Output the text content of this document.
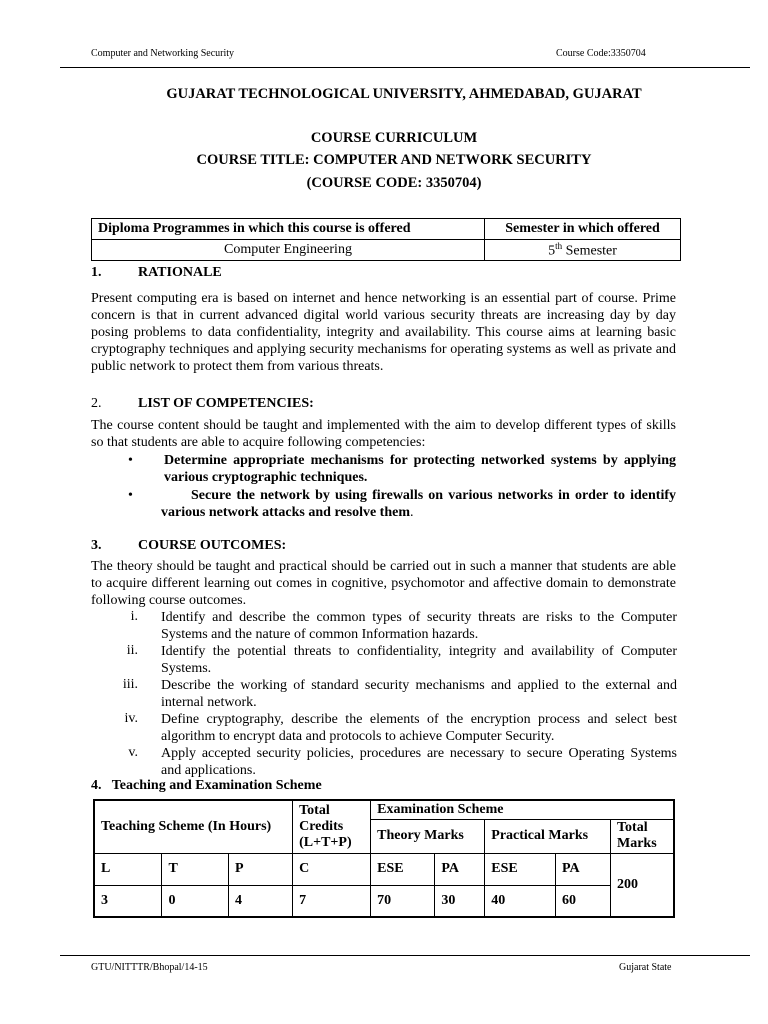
Computer and Networking Security	Course Code:3350704
GUJARAT TECHNOLOGICAL UNIVERSITY, AHMEDABAD, GUJARAT
COURSE CURRICULUM
COURSE TITLE: COMPUTER AND NETWORK SECURITY
(COURSE CODE: 3350704)
Diploma Programmes in which this course is offered	Semester in which offered
Computer Engineering	5th Semester
1.	RATIONALE
Present computing era is based on internet and hence networking is an essential part of course. Prime concern is that in current advanced digital world various security threats are increasing day by day posing problems to data confidentiality, integrity and availability. This course aims at learning basic cryptography techniques and applying security mechanisms for operating systems as well as private and public network to protect them from various threats.
2.	LIST OF COMPETENCIES:
The course content should be taught and implemented with the aim to develop different types of skills so that students are able to acquire following competencies:
• Determine appropriate mechanisms for protecting networked systems by applying various cryptographic techniques.
•	Secure the network by using firewalls on various networks in order to identify various network attacks and resolve them.
3.	COURSE OUTCOMES:
The theory should be taught and practical should be carried out in such a manner that students are able to acquire different learning out comes in cognitive, psychomotor and affective domain to demonstrate following course outcomes.
i. Identify and describe the common types of security threats are risks to the Computer Systems and the nature of common Information hazards.
ii. Identify the potential threats to confidentiality, integrity and availability of Computer Systems.
iii. Describe the working of standard security mechanisms and applied to the external and internal network.
iv. Define cryptography, describe the elements of the encryption process and select best algorithm to encrypt data and protocols to achieve Computer Security.
v. Apply accepted security policies, procedures are necessary to secure Operating Systems and applications.
4.   Teaching and Examination Scheme
Teaching Scheme (In Hours)			Total Credits (L+T+P)	Examination Scheme				
				Theory Marks		Practical Marks		Total Marks
L	T	P	C	ESE	PA	ESE	PA	200
3	0	4	7	70	30	40	60	
GTU/NITTTR/Bhopal/14-15	Gujarat State
